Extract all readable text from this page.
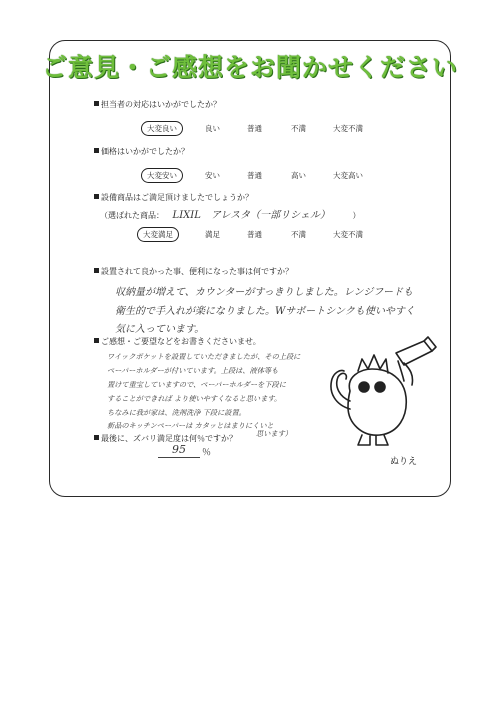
ご意見・ご感想をお聞かせください
担当者の対応はいかがでしたか？
大変良い	良い	普通	不満	大変不満
価格はいかがでしたか？
大変安い	安い	普通	高い	大変高い
設備商品はご満足頂けましたでしょうか？
（選ばれた商品： LIXIL　アレスタ（一部リシェル）	）
大変満足	満足	普通	不満	大変不満
設置されて良かった事、便利になった事は何ですか？
収納量が増えて、カウンターがすっきりしました。レンジフードも
衛生的で手入れが楽になりました。Wサポートシンクも使いやすく
気に入っています。
ご感想・ご要望などをお書きくださいませ。
ワイックポケットを設置していただきましたが、その上段に
ペーパーホルダーが付いています。上段は、液体等も
置けて重宝していますので、ペーパーホルダーを下段に
することができれば より使いやすくなると思います。
ちなみに我が家は、洗剤洗浄 下段に設置。
新品のキッチンペーパーは カタッとはまりにくいと
思います）
最後に、ズバリ満足度は何％ですか？
95 ％
ぬりえ
